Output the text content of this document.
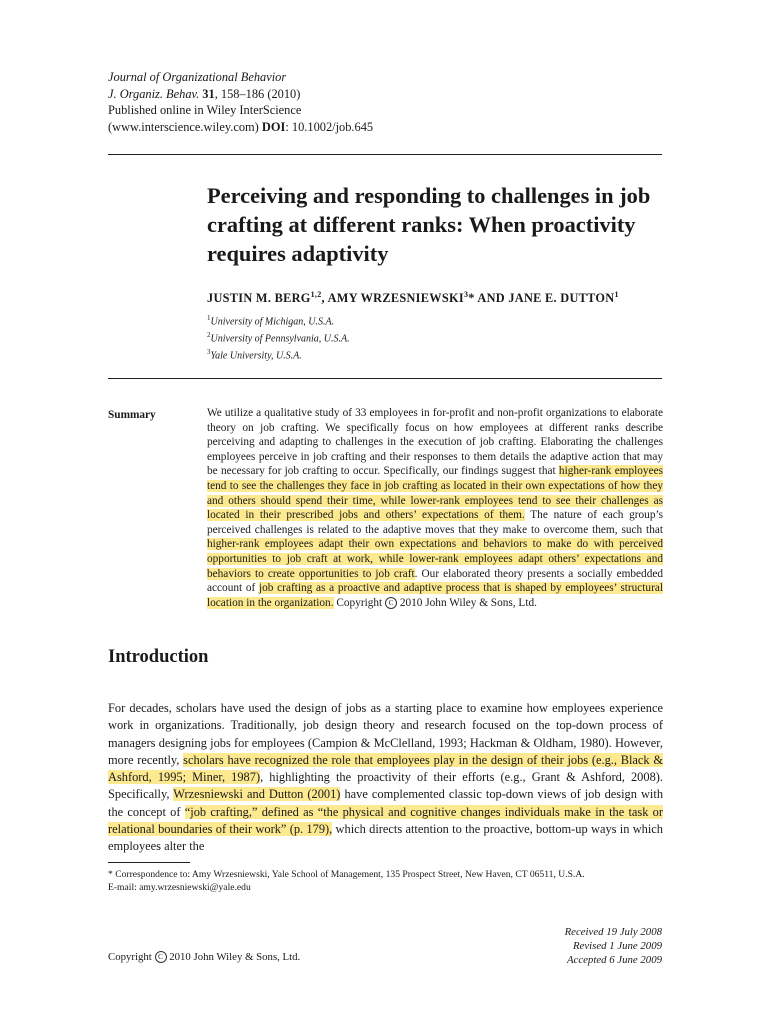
Journal of Organizational Behavior
J. Organiz. Behav. 31, 158–186 (2010)
Published online in Wiley InterScience
(www.interscience.wiley.com) DOI: 10.1002/job.645
Perceiving and responding to challenges in job crafting at different ranks: When proactivity requires adaptivity
JUSTIN M. BERG$^{1,2}$, AMY WRZESNIEWSKI$^3$* AND JANE E. DUTTON$^1$
$^1$University of Michigan, U.S.A.
$^2$University of Pennsylvania, U.S.A.
$^3$Yale University, U.S.A.
Summary	We utilize a qualitative study of 33 employees in for-profit and non-profit organizations to elaborate theory on job crafting. We specifically focus on how employees at different ranks describe perceiving and adapting to challenges in the execution of job crafting. Elaborating the challenges employees perceive in job crafting and their responses to them details the adaptive action that may be necessary for job crafting to occur. Specifically, our findings suggest that higher-rank employees tend to see the challenges they face in job crafting as located in their own expectations of how they and others should spend their time, while lower-rank employees tend to see their challenges as located in their prescribed jobs and others’ expectations of them. The nature of each group’s perceived challenges is related to the adaptive moves that they make to overcome them, such that higher-rank employees adapt their own expectations and behaviors to make do with perceived opportunities to job craft at work, while lower-rank employees adapt others’ expectations and behaviors to create opportunities to job craft. Our elaborated theory presents a socially embedded account of job crafting as a proactive and adaptive process that is shaped by employees’ structural location in the organization. Copyright C 2010 John Wiley & Sons, Ltd.

Introduction

For decades, scholars have used the design of jobs as a starting place to examine how employees experience work in organizations. Traditionally, job design theory and research focused on the top-down process of managers designing jobs for employees (Campion & McClelland, 1993; Hackman & Oldham, 1980). However, more recently, scholars have recognized the role that employees play in the design of their jobs (e.g., Black & Ashford, 1995; Miner, 1987), highlighting the proactivity of their efforts (e.g., Grant & Ashford, 2008). Specifically, Wrzesniewski and Dutton (2001) have complemented classic top-down views of job design with the concept of “job crafting,” defined as “the physical and cognitive changes individuals make in the task or relational boundaries of their work” (p. 179), which directs attention to the proactive, bottom-up ways in which employees alter the

* Correspondence to: Amy Wrzesniewski, Yale School of Management, 135 Prospect Street, New Haven, CT 06511, U.S.A.
E-mail: amy.wrzesniewski@yale.edu
Copyright C 2010 John Wiley & Sons, Ltd.
Received 19 July 2008
Revised 1 June 2009
Accepted 6 June 2009
